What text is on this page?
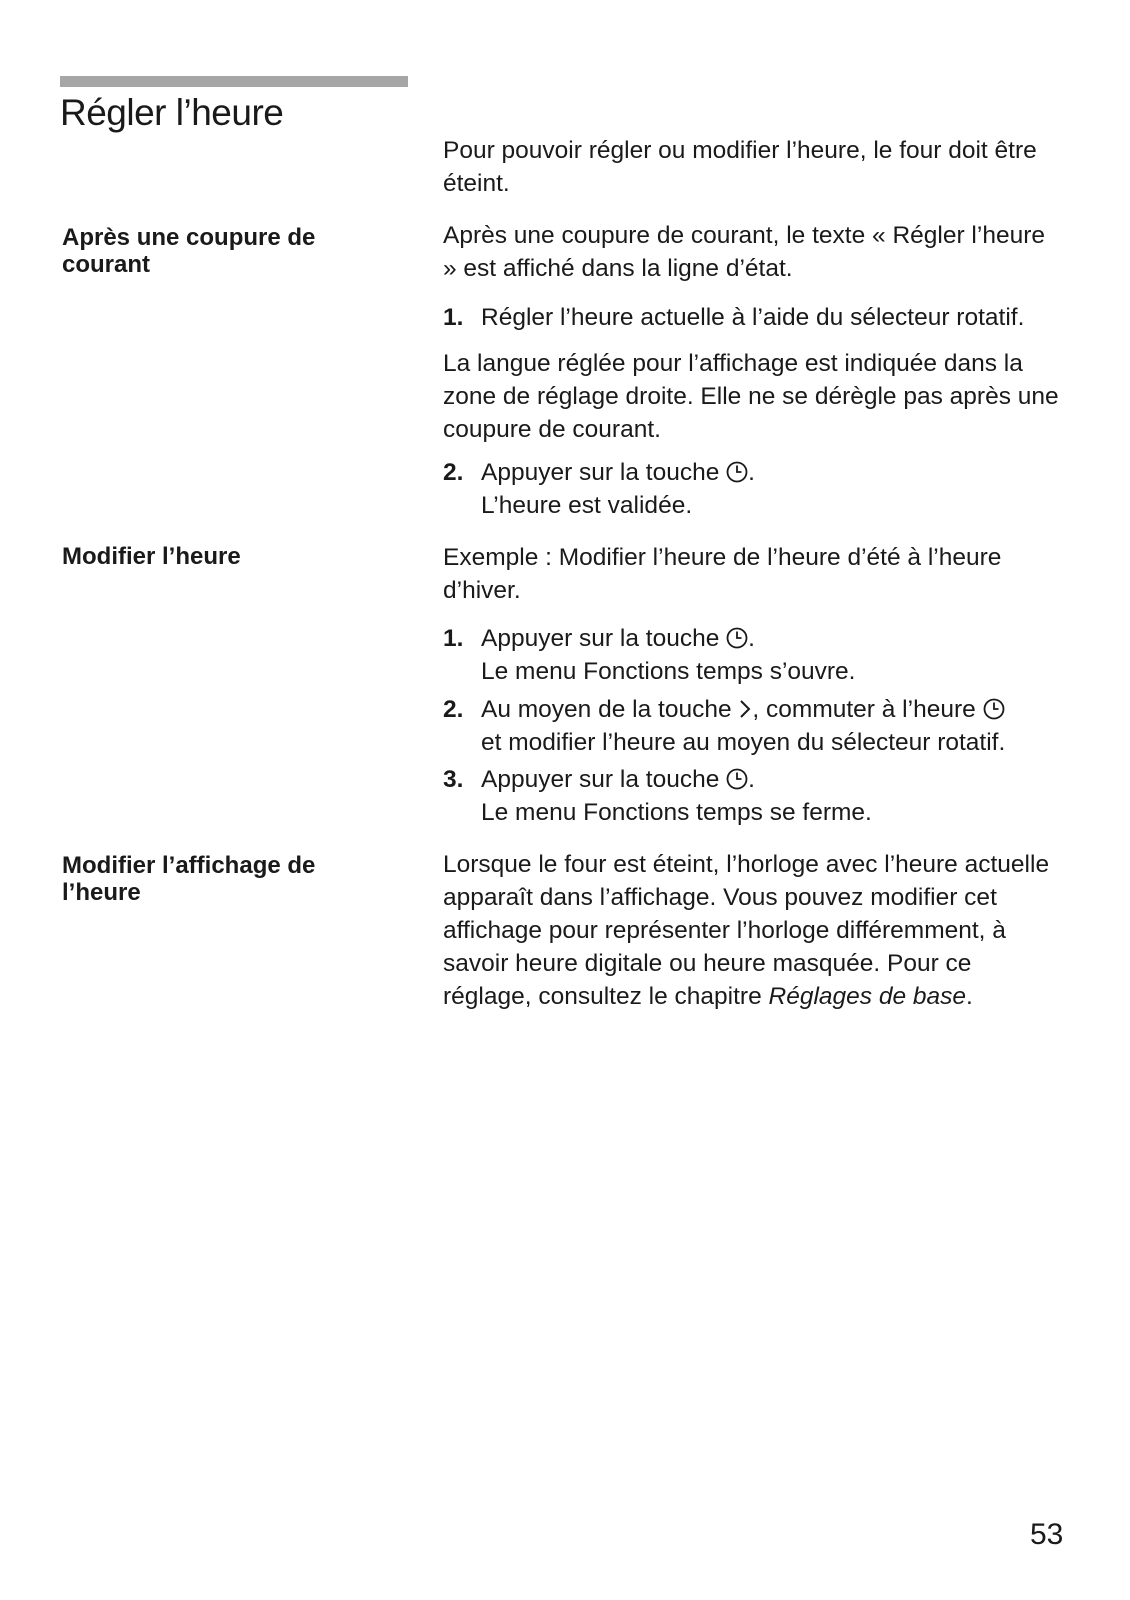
Régler l’heure
Après une coupure de courant
Modifier l’heure
Modifier l’affichage de l’heure

Pour pouvoir régler ou modifier l’heure, le four doit être éteint.

Après une coupure de courant, le texte « Régler l’heure » est affiché dans la ligne d’état.

1. Régler l’heure actuelle à l’aide du sélecteur rotatif.

La langue réglée pour l’affichage est indiquée dans la zone de réglage droite. Elle ne se dérègle pas après une coupure de courant.

2. Appuyer sur la touche
.
L’heure est validée.

Exemple : Modifier l’heure de l’heure d’été à l’heure d’hiver.

1. Appuyer sur la touche
.
Le menu Fonctions temps s’ouvre.
2. Au moyen de la touche
, commuter à l’heure

et modifier l’heure au moyen du sélecteur rotatif.
3. Appuyer sur la touche
.
Le menu Fonctions temps se ferme.

Lorsque le four est éteint, l’horloge avec l’heure actuelle apparaît dans l’affichage. Vous pouvez modifier cet affichage pour représenter l’horloge différemment, à savoir heure digitale ou heure masquée. Pour ce réglage, consultez le chapitre Réglages de base.

53
